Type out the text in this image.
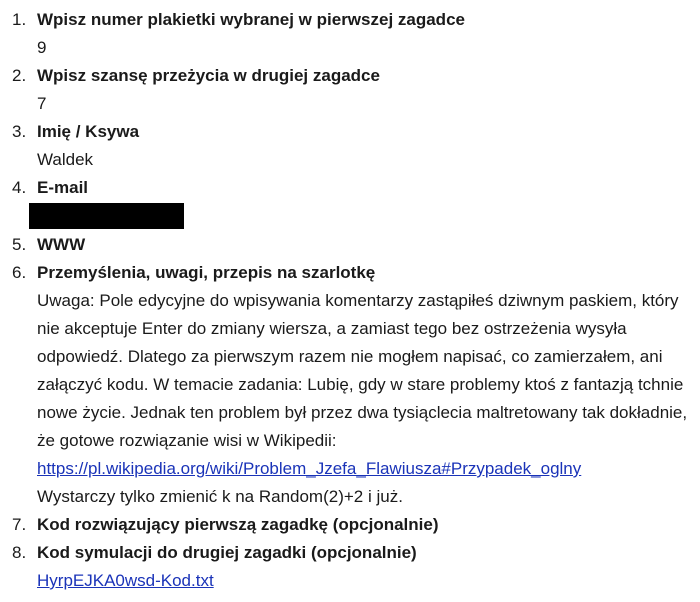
1. Wpisz numer plakietki wybranej w pierwszej zagadce
9
2. Wpisz szansę przeżycia w drugiej zagadce
7
3. Imię / Ksywa
Waldek
4. E-mail
5. WWW
6. Przemyślenia, uwagi, przepis na szarlotkę
Uwaga: Pole edycyjne do wpisywania komentarzy zastąpiłeś dziwnym paskiem, który nie akceptuje Enter do zmiany wiersza, a zamiast tego bez ostrzeżenia wysyła odpowiedź. Dlatego za pierwszym razem nie mogłem napisać, co zamierzałem, ani załączyć kodu. W temacie zadania: Lubię, gdy w stare problemy ktoś z fantazją tchnie nowe życie. Jednak ten problem był przez dwa tysiąclecia maltretowany tak dokładnie, że gotowe rozwiązanie wisi w Wikipedii:
https://pl.wikipedia.org/wiki/Problem_Jzefa_Flawiusza#Przypadek_oglny
Wystarczy tylko zmienić k na Random(2)+2 i już.
7. Kod rozwiązujący pierwszą zagadkę (opcjonalnie)
8. Kod symulacji do drugiej zagadki (opcjonalnie)
HyrpEJKA0wsd-Kod.txt
